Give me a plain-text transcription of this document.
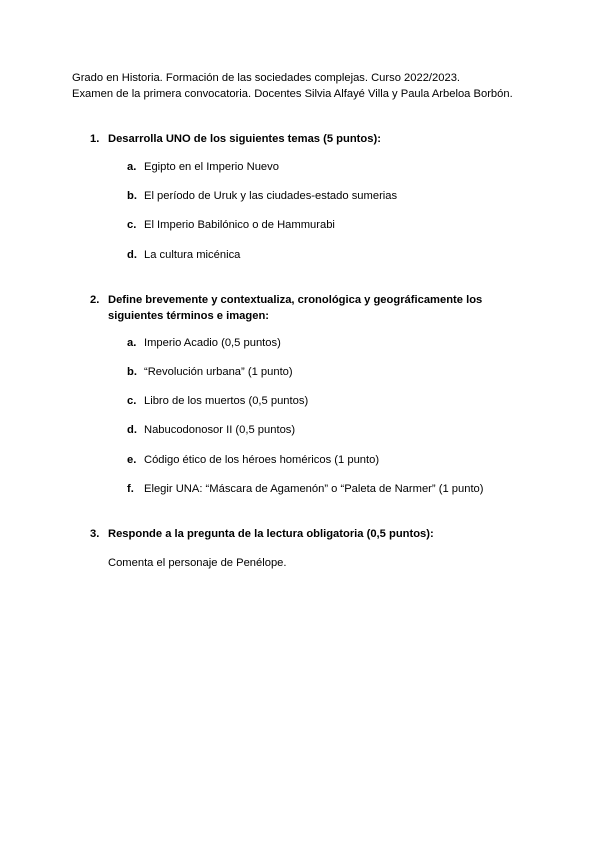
Grado en Historia. Formación de las sociedades complejas. Curso 2022/2023.
Examen de la primera convocatoria. Docentes Silvia Alfayé Villa y Paula Arbeloa Borbón.
1. Desarrolla UNO de los siguientes temas (5 puntos):
a. Egipto en el Imperio Nuevo
b. El período de Uruk y las ciudades-estado sumerias
c. El Imperio Babilónico o de Hammurabi
d. La cultura micénica
2. Define brevemente y contextualiza, cronológica y geográficamente los siguientes términos e imagen:
a. Imperio Acadio (0,5 puntos)
b. “Revolución urbana” (1 punto)
c. Libro de los muertos (0,5 puntos)
d. Nabucodonosor II (0,5 puntos)
e. Código ético de los héroes homéricos (1 punto)
f. Elegir UNA: “Máscara de Agamenón” o “Paleta de Narmer” (1 punto)
3. Responde a la pregunta de la lectura obligatoria (0,5 puntos):
Comenta el personaje de Penélope.
